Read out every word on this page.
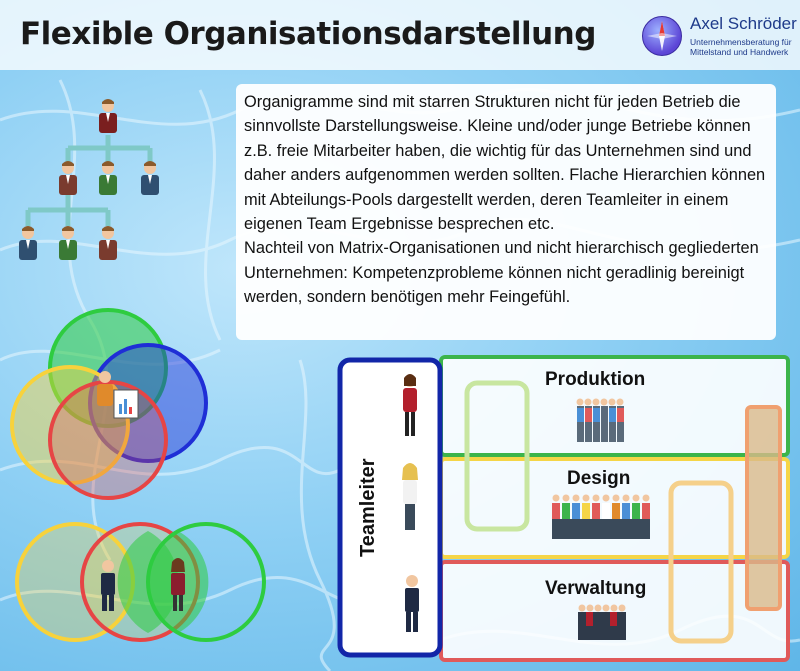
Flexible Organisationsdarstellung	Axel Schröder
Unternehmensberatung für Mittelstand und Handwerk

Organigramme sind mit starren Strukturen nicht für jeden Betrieb die sinnvollste Darstellungsweise. Kleine und/oder junge Betriebe können z.B. freie Mitarbeiter haben, die wichtig für das Unternehmen sind und daher anders aufgenommen werden sollten. Flache Hierarchien können mit Abteilungs-Pools dargestellt werden, deren Teamleiter in einem eigenen Team Ergebnisse besprechen etc.

Nachteil von Matrix-Organisationen und nicht hierarchisch gegliederten Unternehmen: Kompetenzprobleme können nicht geradlinig bereinigt werden, sondern benötigen mehr Feingefühl.

Produktion
Design
Verwaltung
Teamleiter
